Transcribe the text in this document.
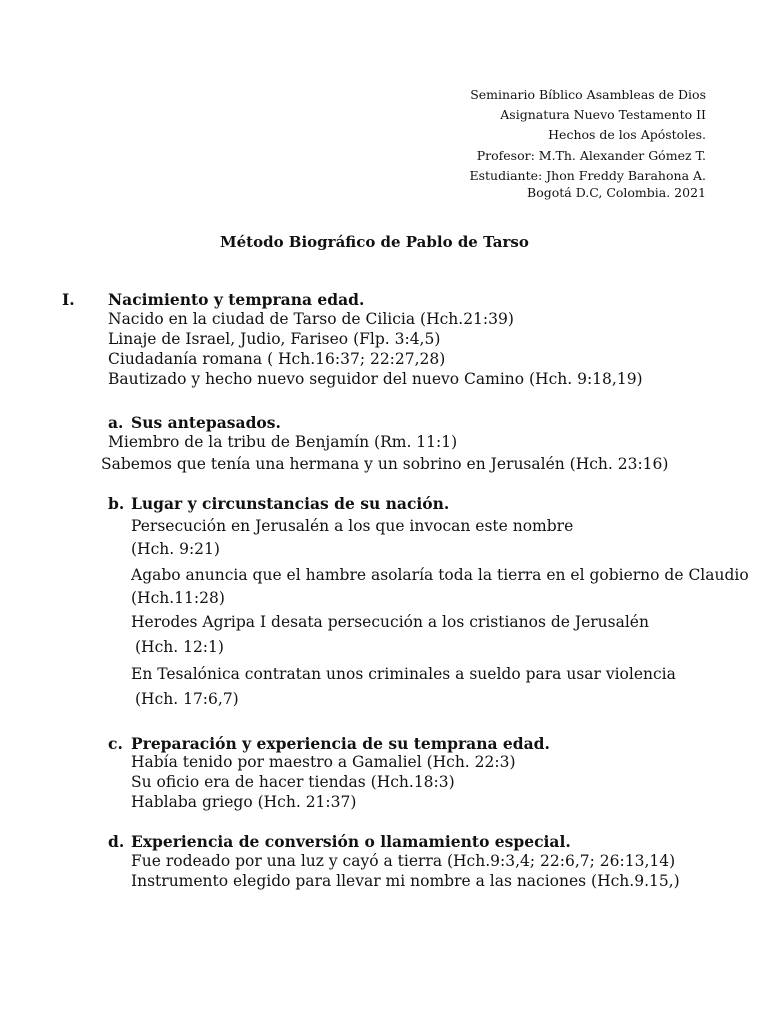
Seminario Bíblico Asambleas de Dios
Asignatura Nuevo Testamento II
Hechos de los Apóstoles.
Profesor: M.Th. Alexander Gómez T.
Estudiante: Jhon Freddy Barahona A.
Bogotá D.C, Colombia. 2021
Método Biográfico de Pablo de Tarso
I. Nacimiento y temprana edad.
Nacido en la ciudad de Tarso de Cilicia (Hch.21:39)
Linaje de Israel, Judio, Fariseo (Flp. 3:4,5)
Ciudadanía romana ( Hch.16:37; 22:27,28)
Bautizado y hecho nuevo seguidor del nuevo Camino (Hch. 9:18,19)
a. Sus antepasados.
Miembro de la tribu de Benjamín (Rm. 11:1)
Sabemos que tenía una hermana y un sobrino en Jerusalén (Hch. 23:16)
b. Lugar y circunstancias de su nación.
Persecución en Jerusalén a los que invocan este nombre
(Hch. 9:21)
Agabo anuncia que el hambre asolaría toda la tierra en el gobierno de Claudio
(Hch.11:28)
Herodes Agripa I desata persecución a los cristianos de Jerusalén
(Hch. 12:1)
En Tesalónica contratan unos criminales a sueldo para usar violencia
(Hch. 17:6,7)
c. Preparación y experiencia de su temprana edad.
Había tenido por maestro a Gamaliel (Hch. 22:3)
Su oficio era de hacer tiendas (Hch.18:3)
Hablaba griego (Hch. 21:37)
d. Experiencia de conversión o llamamiento especial.
Fue rodeado por una luz y cayó a tierra (Hch.9:3,4; 22:6,7; 26:13,14)
Instrumento elegido para llevar mi nombre a las naciones (Hch.9.15,)
